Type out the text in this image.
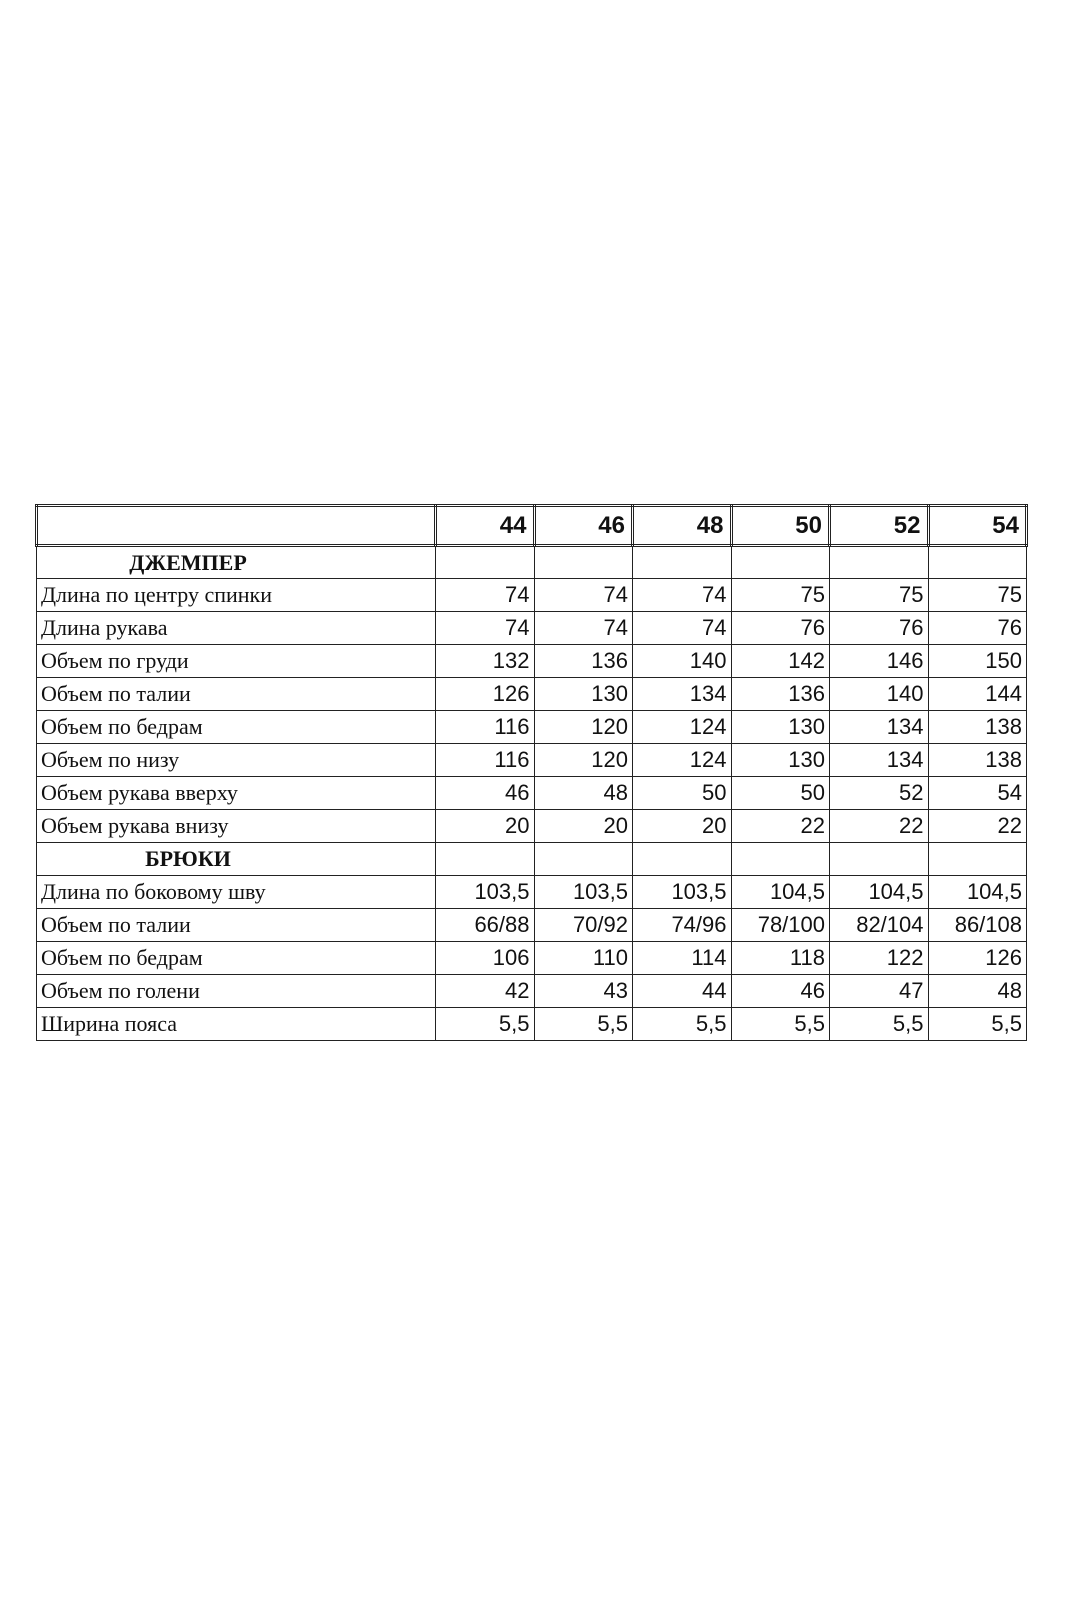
	44	46	48	50	52	54
ДЖЕМПЕР						
Длина по центру спинки	74	74	74	75	75	75
Длина рукава	74	74	74	76	76	76
Объем по груди	132	136	140	142	146	150
Объем по талии	126	130	134	136	140	144
Объем по бедрам	116	120	124	130	134	138
Объем по низу	116	120	124	130	134	138
Объем рукава вверху	46	48	50	50	52	54
Объем рукава внизу	20	20	20	22	22	22
БРЮКИ						
Длина по боковому шву	103,5	103,5	103,5	104,5	104,5	104,5
Объем по талии	66/88	70/92	74/96	78/100	82/104	86/108
Объем по бедрам	106	110	114	118	122	126
Объем по голени	42	43	44	46	47	48
Ширина пояса	5,5	5,5	5,5	5,5	5,5	5,5
